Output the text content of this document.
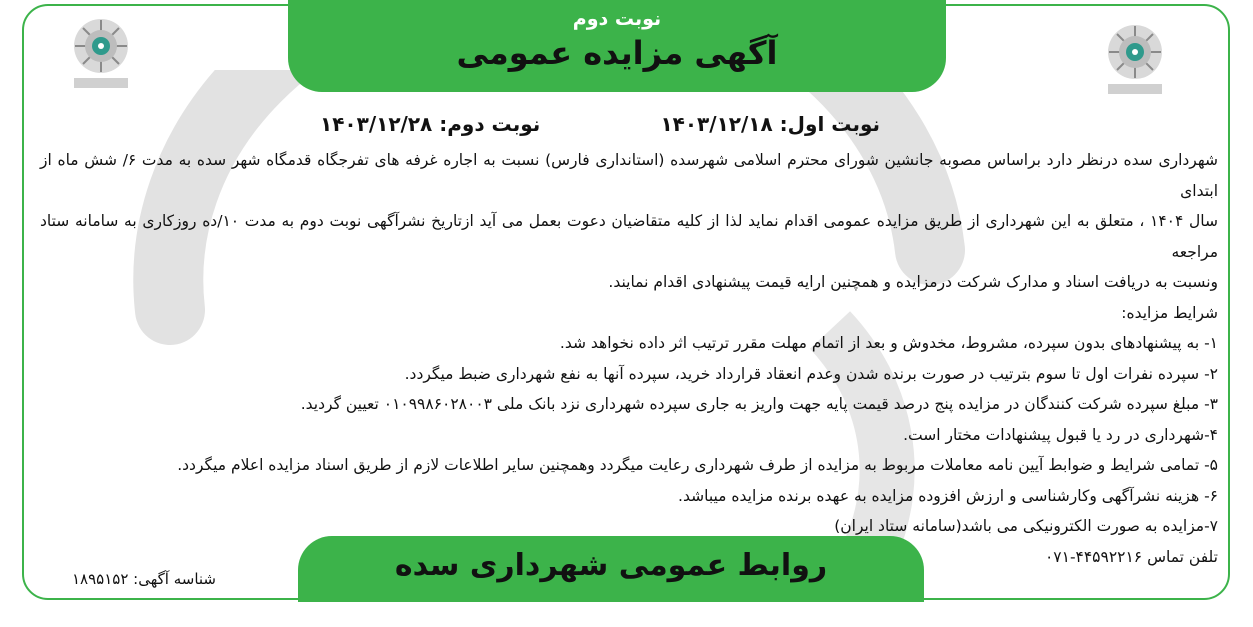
نوبت دوم
آگهی مزایده عمومی
نوبت اول: ۱۴۰۳/۱۲/۱۸
نوبت دوم: ۱۴۰۳/۱۲/۲۸

شهرداری سده درنظر دارد براساس مصوبه جانشین شورای محترم اسلامی شهرسده (استانداری فارس) نسبت به اجاره غرفه های تفرجگاه قدمگاه شهر سده به مدت ۶/ شش ماه از ابتدای

سال ۱۴۰۴ ، متعلق به این شهرداری از طریق مزایده عمومی اقدام نماید لذا از کلیه متقاضیان دعوت بعمل می آید ازتاریخ نشرآگهی نوبت دوم به مدت ۱۰/ده روزکاری به سامانه ستاد مراجعه

ونسبت به دریافت اسناد و مدارک شرکت درمزایده و همچنین ارایه قیمت پیشنهادی اقدام نمایند.

شرایط مزایده:

۱- به پیشنهادهای بدون سپرده، مشروط، مخدوش و بعد از اتمام مهلت مقرر ترتیب اثر داده نخواهد شد.
۲- سپرده نفرات اول تا سوم بترتیب در صورت برنده شدن وعدم انعقاد قرارداد خرید، سپرده آنها به نفع شهرداری ضبط میگردد.
۳- مبلغ سپرده شرکت کنندگان در مزایده پنج درصد قیمت پایه جهت واریز به جاری سپرده شهرداری نزد بانک ملی ۰۱۰۹۹۸۶۰۲۸۰۰۳ تعیین گردید.
۴-شهرداری در رد یا قبول پیشنهادات مختار است.
۵- تمامی شرایط و ضوابط آیین نامه معاملات مربوط به مزایده از طرف شهرداری رعایت میگردد وهمچنین سایر اطلاعات لازم از طریق اسناد مزایده اعلام میگردد.
۶- هزینه نشرآگهی وکارشناسی و ارزش افزوده مزایده به عهده برنده مزایده میباشد.
۷-مزایده به صورت الکترونیکی می باشد(سامانه ستاد ایران)

تلفن تماس ۴۴۵۹۲۲۱۶-۰۷۱

روابط عمومی شهرداری سده
شناسه آگهی: ۱۸۹۵۱۵۲
